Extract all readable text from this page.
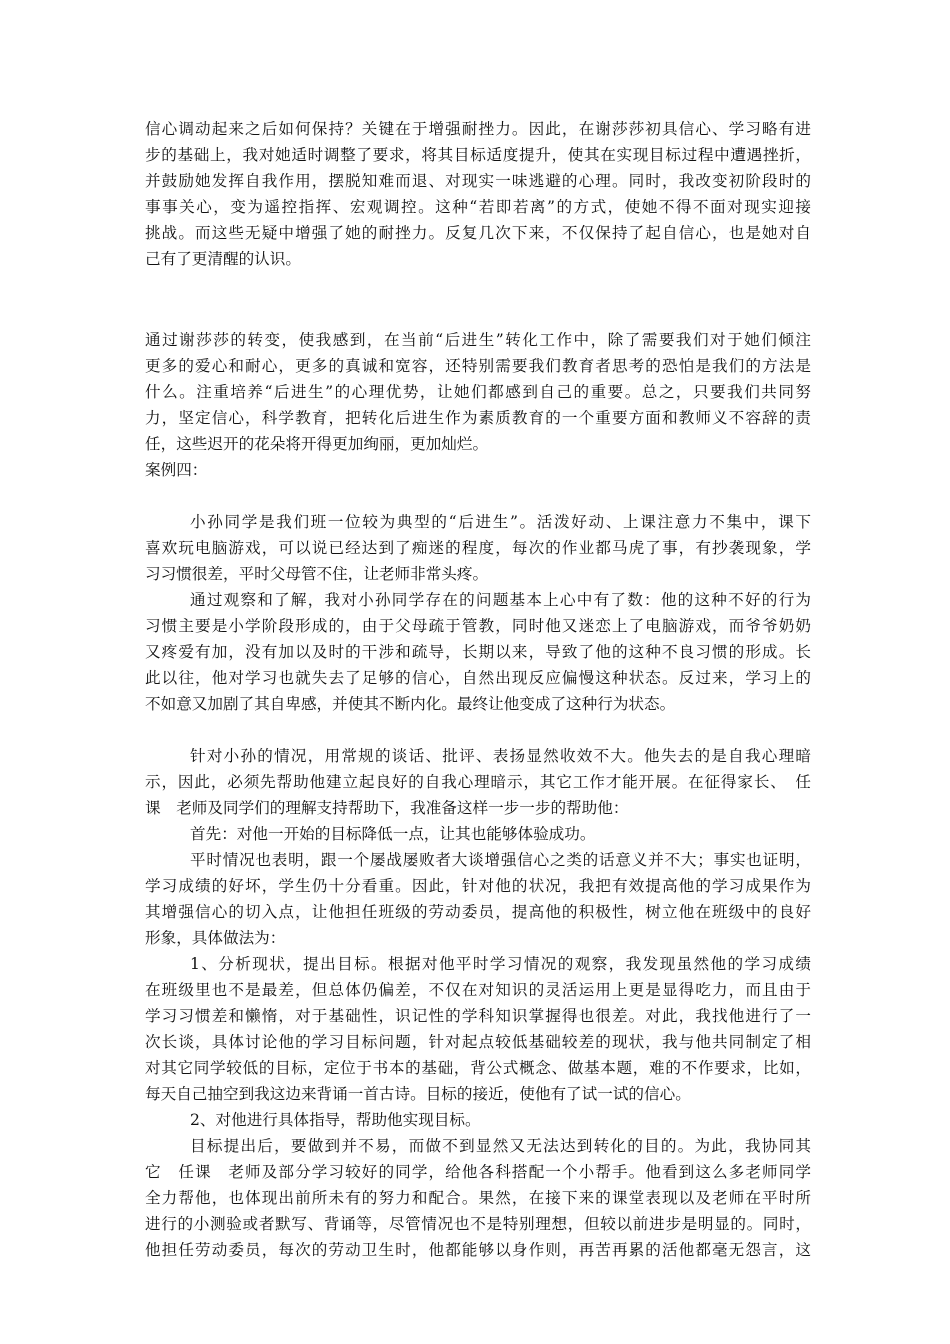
信心调动起来之后如何保持？关键在于增强耐挫力。因此，在谢莎莎初具信心、学习略有进
步的基础上，我对她适时调整了要求，将其目标适度提升，使其在实现目标过程中遭遇挫折，
并鼓励她发挥自我作用，摆脱知难而退、对现实一味逃避的心理。同时，我改变初阶段时的
事事关心，变为遥控指挥、宏观调控。这种“若即若离”的方式，使她不得不面对现实迎接
挑战。而这些无疑中增强了她的耐挫力。反复几次下来，不仅保持了起自信心，也是她对自
己有了更清醒的认识。
通过谢莎莎的转变，使我感到，在当前“后进生”转化工作中，除了需要我们对于她们倾注
更多的爱心和耐心，更多的真诚和宽容，还特别需要我们教育者思考的恐怕是我们的方法是
什么。注重培养“后进生”的心理优势，让她们都感到自己的重要。总之，只要我们共同努
力，坚定信心，科学教育，把转化后进生作为素质教育的一个重要方面和教师义不容辞的责
任，这些迟开的花朵将开得更加绚丽，更加灿烂。
案例四：
小孙同学是我们班一位较为典型的“后进生”。活泼好动、上课注意力不集中，课下
喜欢玩电脑游戏，可以说已经达到了痴迷的程度，每次的作业都马虎了事，有抄袭现象，学
习习惯很差，平时父母管不住，让老师非常头疼。
通过观察和了解，我对小孙同学存在的问题基本上心中有了数：他的这种不好的行为
习惯主要是小学阶段形成的，由于父母疏于管教，同时他又迷恋上了电脑游戏，而爷爷奶奶
又疼爱有加，没有加以及时的干涉和疏导，长期以来，导致了他的这种不良习惯的形成。长
此以往，他对学习也就失去了足够的信心，自然出现反应偏慢这种状态。反过来，学习上的
不如意又加剧了其自卑感，并使其不断内化。最终让他变成了这种行为状态。
针对小孙的情况，用常规的谈话、批评、表扬显然收效不大。他失去的是自我心理暗
示，因此，必须先帮助他建立起良好的自我心理暗示，其它工作才能开展。在征得家长、　任
课　老师及同学们的理解支持帮助下，我准备这样一步一步的帮助他：
首先：对他一开始的目标降低一点，让其也能够体验成功。
平时情况也表明，跟一个屡战屡败者大谈增强信心之类的话意义并不大；事实也证明，
学习成绩的好坏，学生仍十分看重。因此，针对他的状况，我把有效提高他的学习成果作为
其增强信心的切入点，让他担任班级的劳动委员，提高他的积极性，树立他在班级中的良好
形象，具体做法为：
1、分析现状，提出目标。根据对他平时学习情况的观察，我发现虽然他的学习成绩
在班级里也不是最差，但总体仍偏差，不仅在对知识的灵活运用上更是显得吃力，而且由于
学习习惯差和懒惰，对于基础性，识记性的学科知识掌握得也很差。对此，我找他进行了一
次长谈，具体讨论他的学习目标问题，针对起点较低基础较差的现状，我与他共同制定了相
对其它同学较低的目标，定位于书本的基础，背公式概念、做基本题，难的不作要求，比如，
每天自己抽空到我这边来背诵一首古诗。目标的接近，使他有了试一试的信心。
2、对他进行具体指导，帮助他实现目标。
目标提出后，要做到并不易，而做不到显然又无法达到转化的目的。为此，我协同其
它　任课　老师及部分学习较好的同学，给他各科搭配一个小帮手。他看到这么多老师同学
全力帮他，也体现出前所未有的努力和配合。果然，在接下来的课堂表现以及老师在平时所
进行的小测验或者默写、背诵等，尽管情况也不是特别理想，但较以前进步是明显的。同时，
他担任劳动委员，每次的劳动卫生时，他都能够以身作则，再苦再累的活他都毫无怨言，这
